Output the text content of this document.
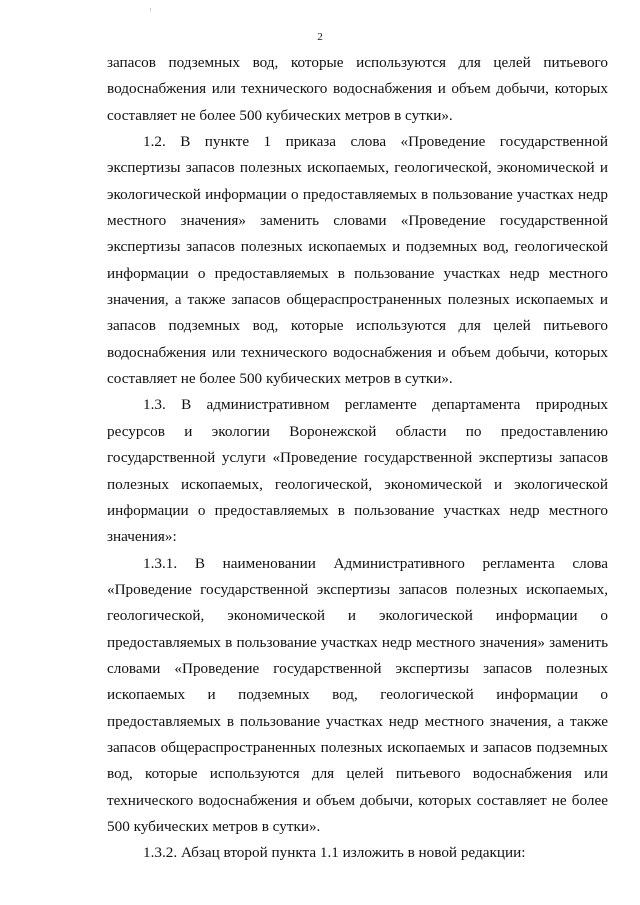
2

запасов подземных вод, которые используются для целей питьевого водоснабжения или технического водоснабжения и объем добычи, которых составляет не более 500 кубических метров в сутки».

1.2. В пункте 1 приказа слова «Проведение государственной экспертизы запасов полезных ископаемых, геологической, экономической и экологической информации о предоставляемых в пользование участках недр местного значения» заменить словами «Проведение государственной экспертизы запасов полезных ископаемых и подземных вод, геологической информации о предоставляемых в пользование участках недр местного значения, а также запасов общераспространенных полезных ископаемых и запасов подземных вод, которые используются для целей питьевого водоснабжения или технического водоснабжения и объем добычи, которых составляет не более 500 кубических метров в сутки».

1.3. В административном регламенте департамента природных ресурсов и экологии Воронежской области по предоставлению государственной услуги «Проведение государственной экспертизы запасов полезных ископаемых, геологической, экономической и экологической информации о предоставляемых в пользование участках недр местного значения»:

1.3.1. В наименовании Административного регламента слова «Проведение государственной экспертизы запасов полезных ископаемых, геологической, экономической и экологической информации о предоставляемых в пользование участках недр местного значения» заменить словами «Проведение государственной экспертизы запасов полезных ископаемых и подземных вод, геологической информации о предоставляемых в пользование участках недр местного значения, а также запасов общераспространенных полезных ископаемых и запасов подземных вод, которые используются для целей питьевого водоснабжения или технического водоснабжения и объем добычи, которых составляет не более 500 кубических метров в сутки».

1.3.2. Абзац второй пункта 1.1 изложить в новой редакции:
